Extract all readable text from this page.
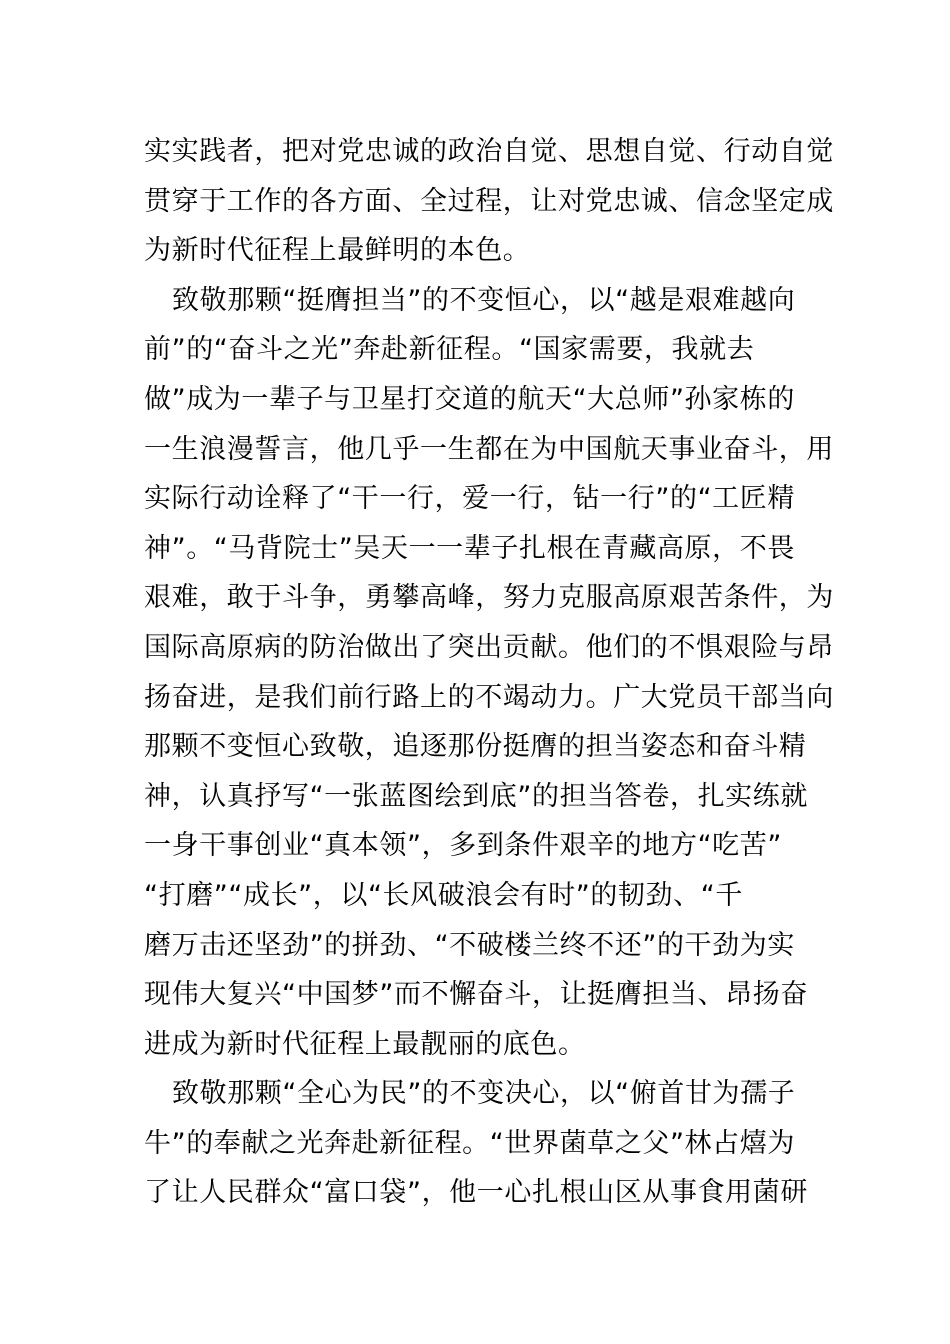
实实践者，把对党忠诚的政治自觉、思想自觉、行动自觉
贯穿于工作的各方面、全过程，让对党忠诚、信念坚定成
为新时代征程上最鲜明的本色。
致敬那颗“挺膺担当”的不变恒心，以“越是艰难越向
前”的“奋斗之光”奔赴新征程。“国家需要，我就去
做”成为一辈子与卫星打交道的航天“大总师”孙家栋的
一生浪漫誓言，他几乎一生都在为中国航天事业奋斗，用
实际行动诠释了“干一行，爱一行，钻一行”的“工匠精
神”。“马背院士”吴天一一辈子扎根在青藏高原，不畏
艰难，敢于斗争，勇攀高峰，努力克服高原艰苦条件，为
国际高原病的防治做出了突出贡献。他们的不惧艰险与昂
扬奋进，是我们前行路上的不竭动力。广大党员干部当向
那颗不变恒心致敬，追逐那份挺膺的担当姿态和奋斗精
神，认真抒写“一张蓝图绘到底”的担当答卷，扎实练就
一身干事创业“真本领”，多到条件艰辛的地方“吃苦”
“打磨”“成长”，以“长风破浪会有时”的韧劲、“千
磨万击还坚劲”的拼劲、“不破楼兰终不还”的干劲为实
现伟大复兴“中国梦”而不懈奋斗，让挺膺担当、昂扬奋
进成为新时代征程上最靓丽的底色。
致敬那颗“全心为民”的不变决心，以“俯首甘为孺子
牛”的奉献之光奔赴新征程。“世界菌草之父”林占熺为
了让人民群众“富口袋”，他一心扎根山区从事食用菌研
